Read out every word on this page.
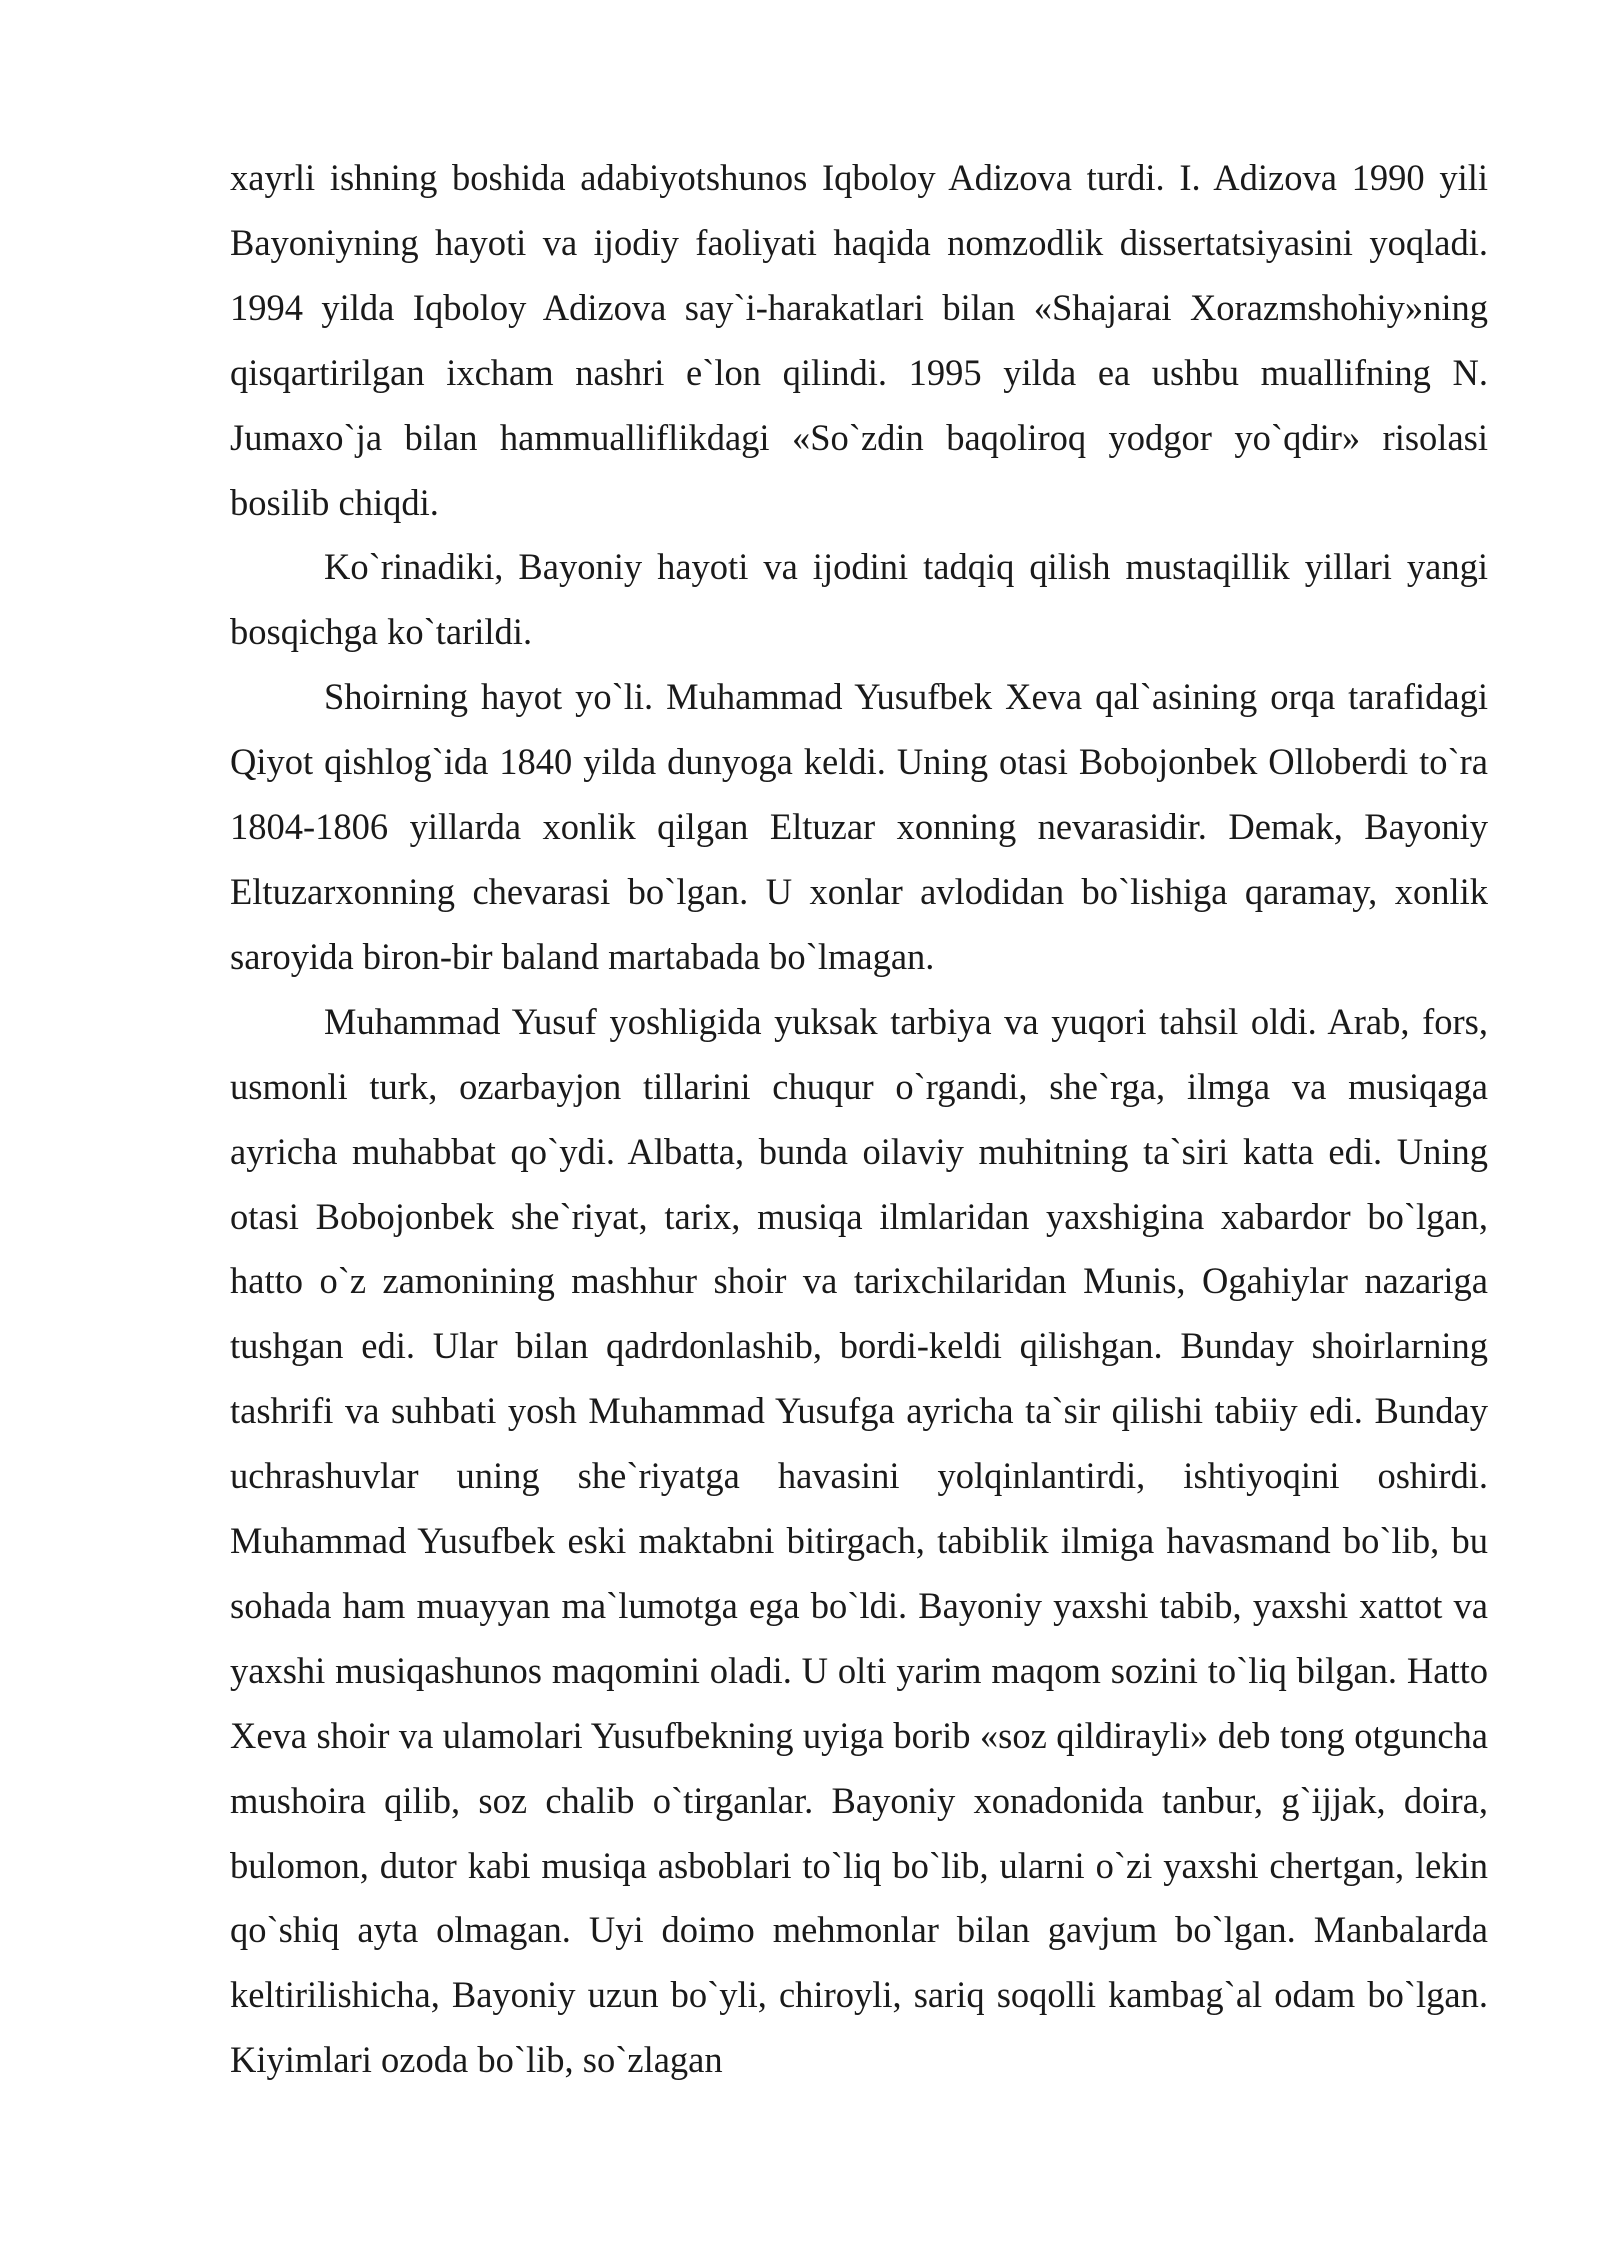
xayrli ishning boshida adabiyotshunos Iqboloy Adizova turdi. I. Adizova 1990 yili Bayoniyning hayoti va ijodiy faoliyati haqida nomzodlik dissertatsiyasini yoqladi. 1994 yilda Iqboloy Adizova say`i-harakatlari bilan «Shajarai Xorazmshohiy»ning qisqartirilgan ixcham nashri e`lon qilindi. 1995 yilda ea ushbu muallifning N. Jumaxo`ja bilan hammualliflikdagi «So`zdin baqoliroq yodgor yo`qdir» risolasi bosilib chiqdi.

Ko`rinadiki, Bayoniy hayoti va ijodini tadqiq qilish mustaqillik yillari yangi bosqichga ko`tarildi.

Shoirning hayot yo`li. Muhammad Yusufbek Xeva qal`asining orqa tarafidagi Qiyot qishlog`ida 1840 yilda dunyoga keldi. Uning otasi Bobojonbek Olloberdi to`ra 1804-1806 yillarda xonlik qilgan Eltuzar xonning nevarasidir. Demak, Bayoniy Eltuzarxonning chevarasi bo`lgan. U xonlar avlodidan bo`lishiga qaramay, xonlik saroyida biron-bir baland martabada bo`lmagan.

Muhammad Yusuf yoshligida yuksak tarbiya va yuqori tahsil oldi. Arab, fors, usmonli turk, ozarbayjon tillarini chuqur o`rgandi, she`rga, ilmga va musiqaga ayricha muhabbat qo`ydi. Albatta, bunda oilaviy muhitning ta`siri katta edi. Uning otasi Bobojonbek she`riyat, tarix, musiqa ilmlaridan yaxshigina xabardor bo`lgan, hatto o`z zamonining mashhur shoir va tarixchilaridan Munis, Ogahiylar nazariga tushgan edi. Ular bilan qadrdonlashib, bordi-keldi qilishgan. Bunday shoirlarning tashrifi va suhbati yosh Muhammad Yusufga ayricha ta`sir qilishi tabiiy edi. Bunday uchrashuvlar uning she`riyatga havasini yolqinlantirdi, ishtiyoqini oshirdi. Muhammad Yusufbek eski maktabni bitirgach, tabiblik ilmiga havasmand bo`lib, bu sohada ham muayyan ma`lumotga ega bo`ldi. Bayoniy yaxshi tabib, yaxshi xattot va yaxshi musiqashunos maqomini oladi. U olti yarim maqom sozini to`liq bilgan. Hatto Xeva shoir va ulamolari Yusufbekning uyiga borib «soz qildirayli» deb tong otguncha mushoira qilib, soz chalib o`tirganlar. Bayoniy xonadonida tanbur, g`ijjak, doira, bulomon, dutor kabi musiqa asboblari to`liq bo`lib, ularni o`zi yaxshi chertgan, lekin qo`shiq ayta olmagan. Uyi doimo mehmonlar bilan gavjum bo`lgan. Manbalarda keltirilishicha, Bayoniy uzun bo`yli, chiroyli, sariq soqolli kambag`al odam bo`lgan. Kiyimlari ozoda bo`lib, so`zlagan
